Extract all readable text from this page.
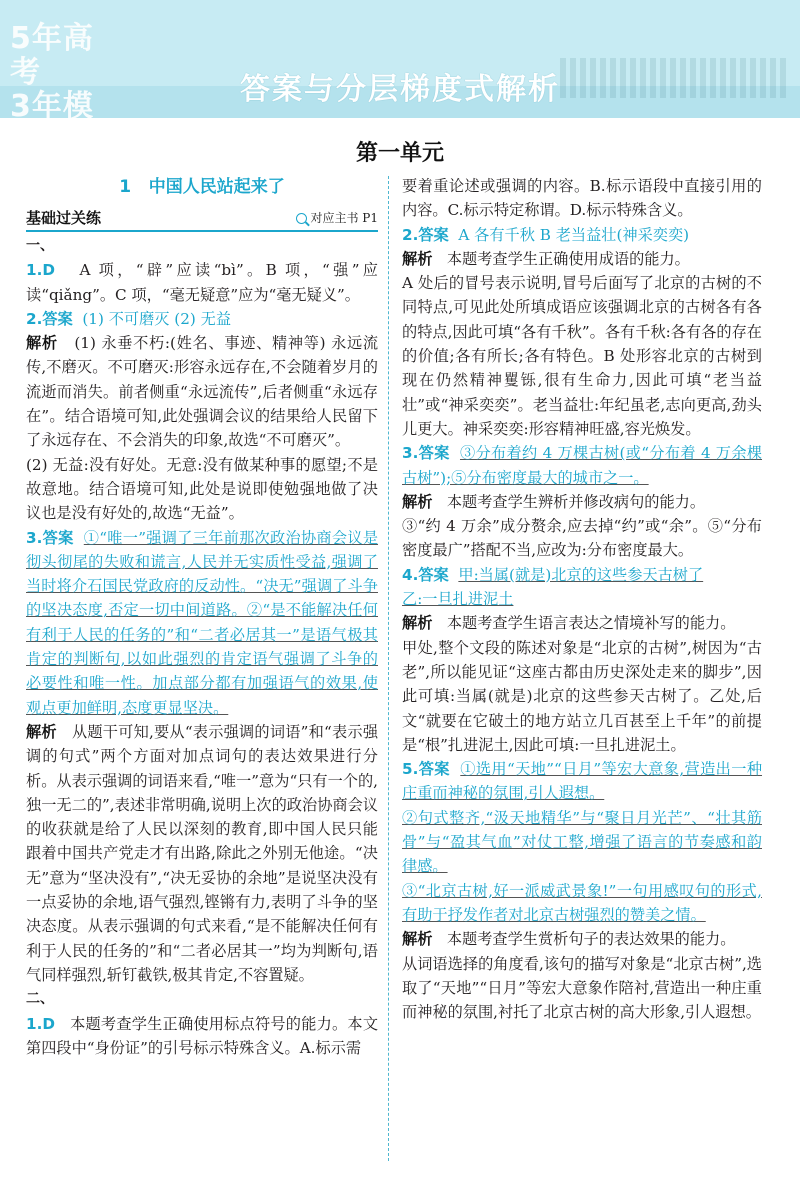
5年高考
3年模拟
答案与分层梯度式解析
第一单元
1 中国人民站起来了
基础过关练	对应主书 P1
一、

1.D A 项，“辟”应读“bì”。B 项，“强”应读“qiǎng”。C 项，“毫无疑意”应为“毫无疑义”。

2.答案 (1) 不可磨灭 (2) 无益

解析 (1) 永垂不朽:(姓名、事迹、精神等) 永远流传,不磨灭。不可磨灭:形容永远存在,不会随着岁月的流逝而消失。前者侧重“永远流传”,后者侧重“永远存在”。结合语境可知,此处强调会议的结果给人民留下了永远存在、不会消失的印象,故选“不可磨灭”。

(2) 无益:没有好处。无意:没有做某种事的愿望;不是故意地。结合语境可知,此处是说即使勉强地做了决议也是没有好处的,故选“无益”。

3.答案 ①“唯一”强调了三年前那次政治协商会议是彻头彻尾的失败和谎言,人民并无实质性受益,强调了当时将介石国民党政府的反动性。“决无”强调了斗争的坚决态度,否定一切中间道路。②“是不能解决任何有利于人民的任务的”和“二者必居其一”是语气极其肯定的判断句,以如此强烈的肯定语气强调了斗争的必要性和唯一性。加点部分都有加强语气的效果,使观点更加鲜明,态度更显坚决。

解析 从题干可知,要从“表示强调的词语”和“表示强调的句式”两个方面对加点词句的表达效果进行分析。从表示强调的词语来看,“唯一”意为“只有一个的,独一无二的”,表述非常明确,说明上次的政治协商会议的收获就是给了人民以深刻的教育,即中国人民只能跟着中国共产党走才有出路,除此之外别无他途。“决无”意为“坚决没有”,“决无妥协的余地”是说坚决没有一点妥协的余地,语气强烈,铿锵有力,表明了斗争的坚决态度。从表示强调的句式来看,“是不能解决任何有利于人民的任务的”和“二者必居其一”均为判断句,语气同样强烈,斩钉截铁,极其肯定,不容置疑。

二、

1.D 本题考查学生正确使用标点符号的能力。本文第四段中“身份证”的引号标示特殊含义。A.标示需

要着重论述或强调的内容。B.标示语段中直接引用的内容。C.标示特定称谓。D.标示特殊含义。

2.答案 A 各有千秋 B 老当益壮(神采奕奕)

解析 本题考查学生正确使用成语的能力。

A 处后的冒号表示说明,冒号后面写了北京的古树的不同特点,可见此处所填成语应该强调北京的古树各有各的特点,因此可填“各有千秋”。各有千秋:各有各的存在的价值;各有所长;各有特色。B 处形容北京的古树到现在仍然精神矍铄,很有生命力,因此可填“老当益壮”或“神采奕奕”。老当益壮:年纪虽老,志向更高,劲头儿更大。神采奕奕:形容精神旺盛,容光焕发。

3.答案 ③分布着约 4 万棵古树(或“分布着 4 万余棵古树”);⑤分布密度最大的城市之一。

解析 本题考查学生辨析并修改病句的能力。

③“约 4 万余”成分赘余,应去掉“约”或“余”。⑤“分布密度最广”搭配不当,应改为:分布密度最大。

4.答案 甲:当属(就是)北京的这些参天古树了

乙:一旦扎进泥土

解析 本题考查学生语言表达之情境补写的能力。

甲处,整个文段的陈述对象是“北京的古树”,树因为“古老”,所以能见证“这座古都由历史深处走来的脚步”,因此可填:当属(就是)北京的这些参天古树了。乙处,后文“就要在它破土的地方站立几百甚至上千年”的前提是“根”扎进泥土,因此可填:一旦扎进泥土。

5.答案 ①选用“天地”“日月”等宏大意象,营造出一种庄重而神秘的氛围,引人遐想。

②句式整齐,“汲天地精华”与“聚日月光芒”、“壮其筋骨”与“盈其气血”对仗工整,增强了语言的节奏感和韵律感。

③“北京古树,好一派威武景象!”一句用感叹句的形式,有助于抒发作者对北京古树强烈的赞美之情。

解析 本题考查学生赏析句子的表达效果的能力。

从词语选择的角度看,该句的描写对象是“北京古树”,选取了“天地”“日月”等宏大意象作陪衬,营造出一种庄重而神秘的氛围,衬托了北京古树的高大形象,引人遐想。
